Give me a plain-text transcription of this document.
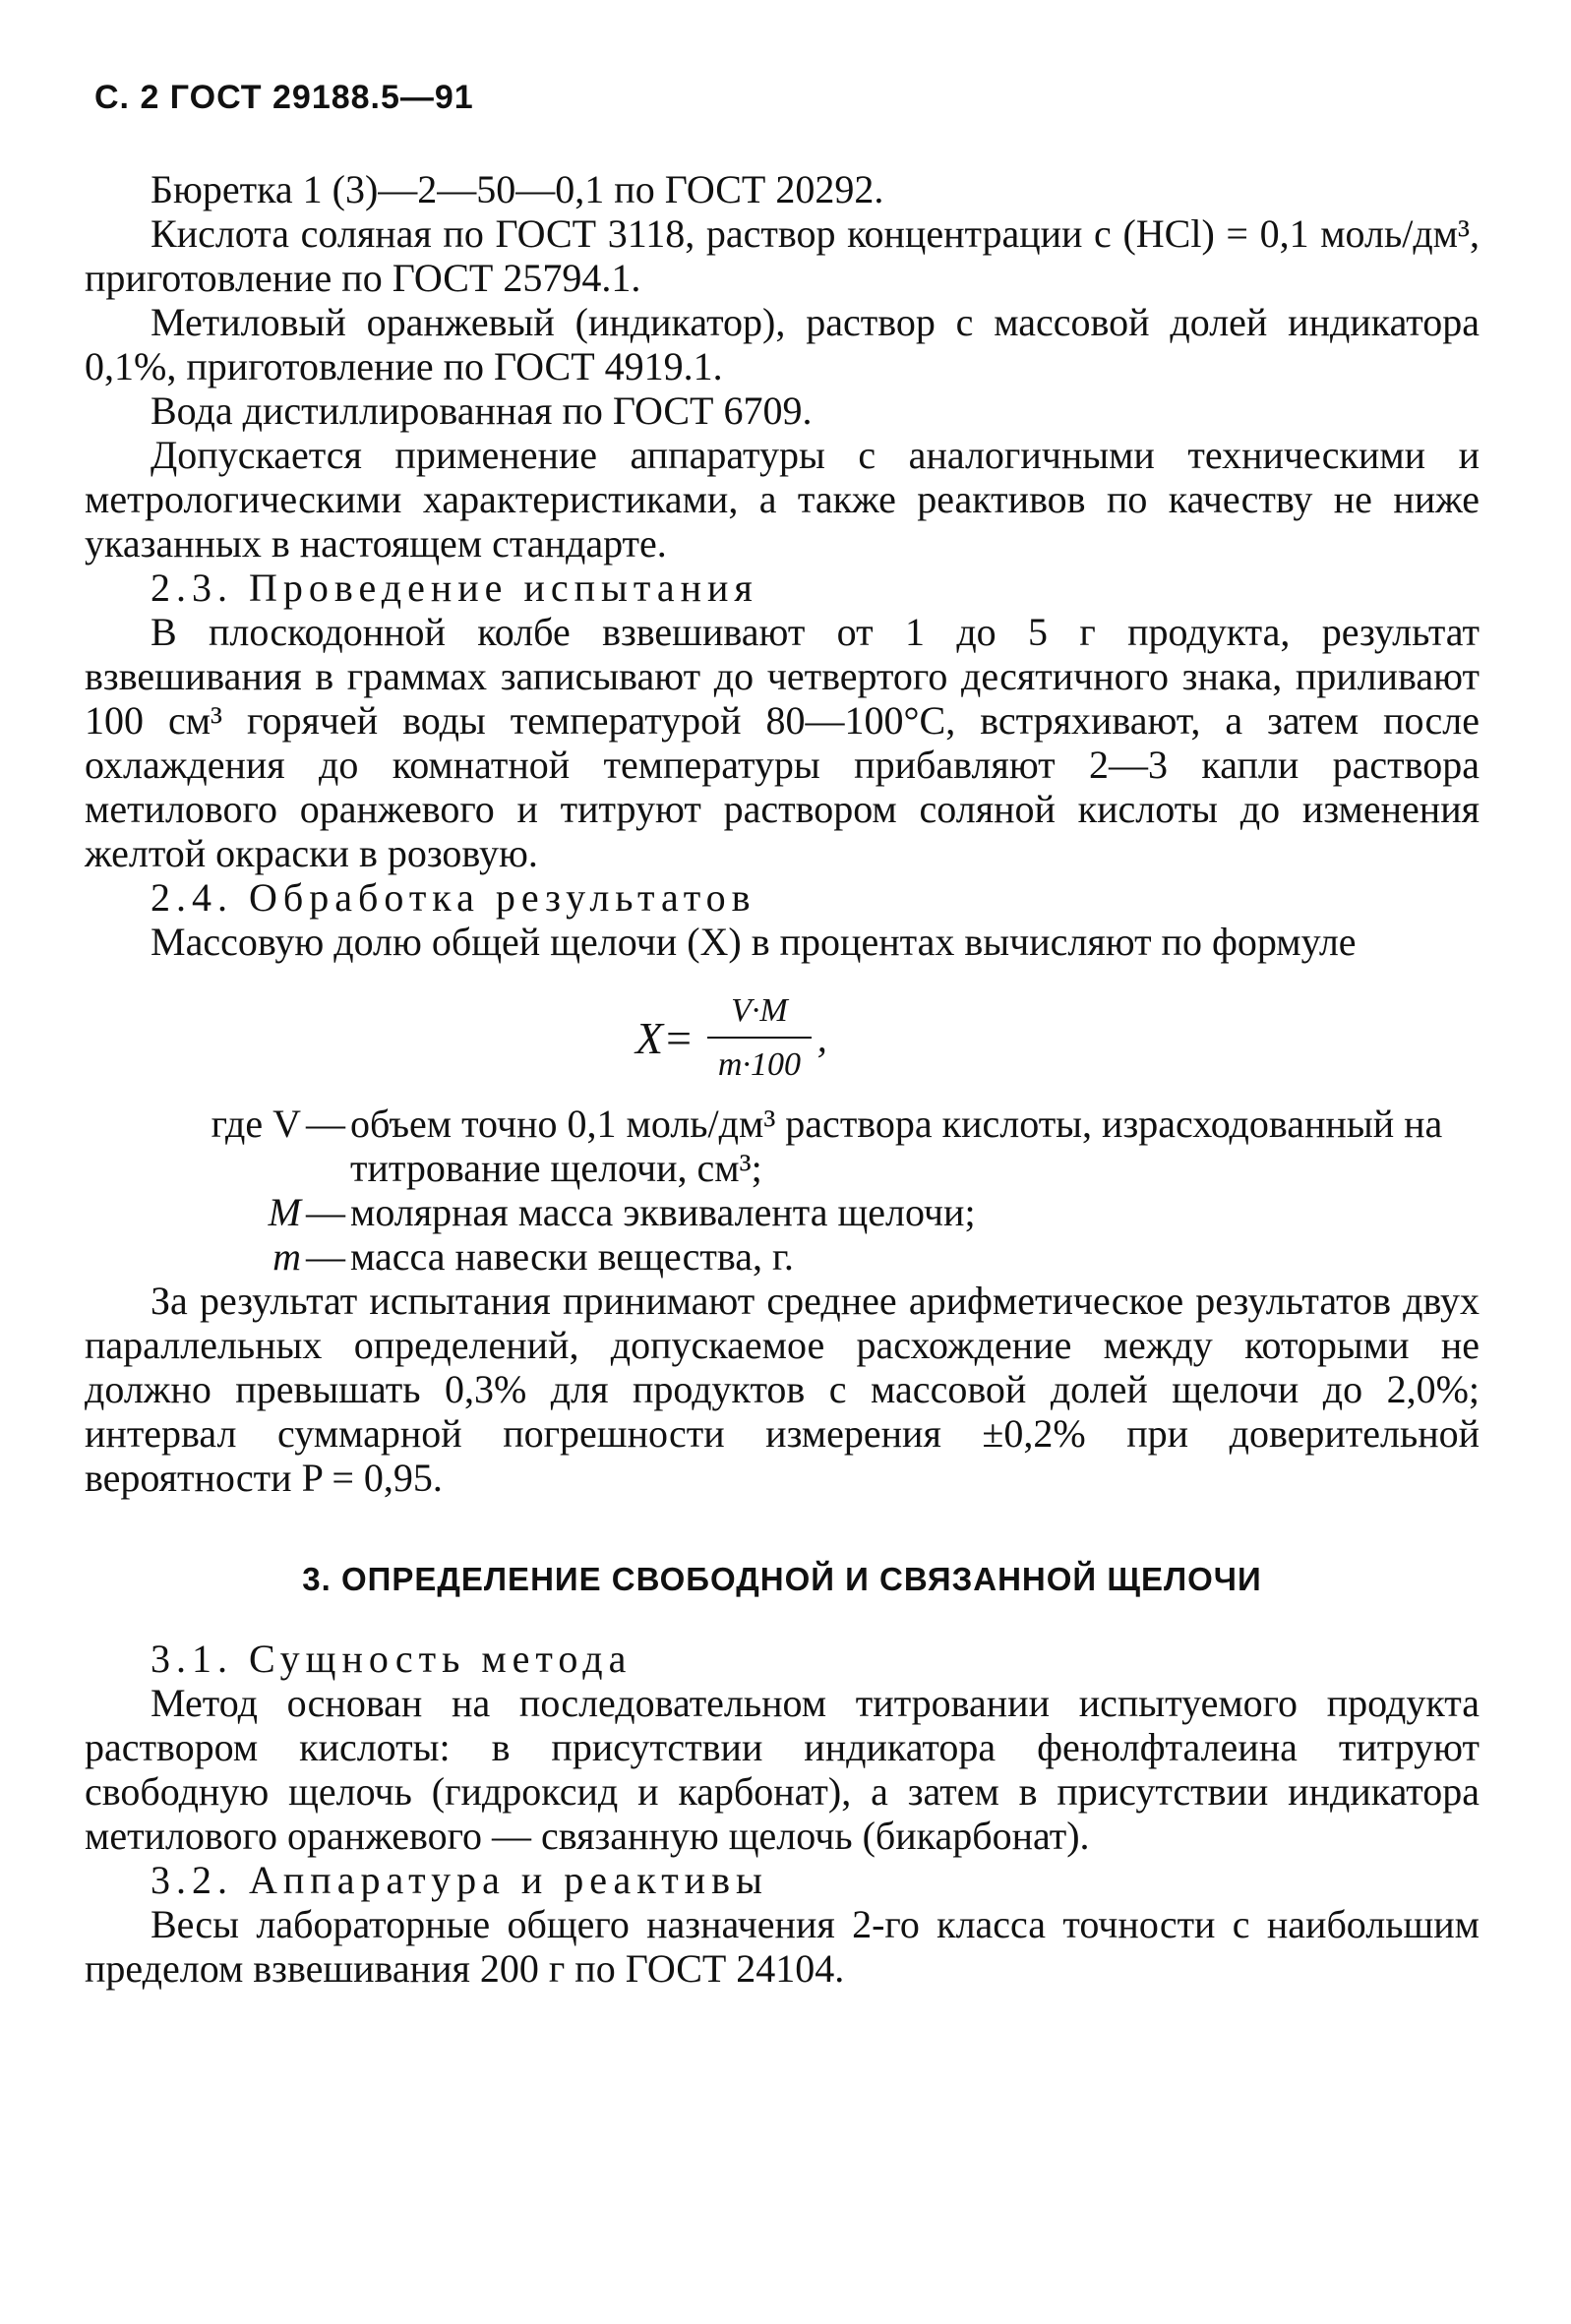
С. 2 ГОСТ 29188.5—91

Бюретка 1 (3)—2—50—0,1 по ГОСТ 20292.

Кислота соляная по ГОСТ 3118, раствор концентрации c (HCl) = 0,1 моль/дм³, приготовление по ГОСТ 25794.1.

Метиловый оранжевый (индикатор), раствор с массовой долей индикатора 0,1%, приготовление по ГОСТ 4919.1.

Вода дистиллированная по ГОСТ 6709.

Допускается применение аппаратуры с аналогичными техническими и метрологическими характеристиками, а также реактивов по качеству не ниже указанных в настоящем стандарте.

2.3. Проведение испытания

В плоскодонной колбе взвешивают от 1 до 5 г продукта, результат взвешивания в граммах записывают до четвертого десятичного знака, приливают 100 см³ горячей воды температурой 80—100°С, встряхивают, а затем после охлаждения до комнатной температуры прибавляют 2—3 капли раствора метилового оранжевого и титруют раствором соляной кислоты до изменения желтой окраски в розовую.

2.4. Обработка результатов

Массовую долю общей щелочи (X) в процентах вычисляют по формуле

$X= \frac{V\cdot M}{m\cdot 100}$ ,
где V — объем точно 0,1 моль/дм³ раствора кислоты, израсходованный на титрование щелочи, см³;
M — молярная масса эквивалента щелочи;
m — масса навески вещества, г.

За результат испытания принимают среднее арифметическое результатов двух параллельных определений, допускаемое расхождение между которыми не должно превышать 0,3% для продуктов с массовой долей щелочи до 2,0%; интервал суммарной погрешности измерения ±0,2% при доверительной вероятности P = 0,95.

3. ОПРЕДЕЛЕНИЕ СВОБОДНОЙ И СВЯЗАННОЙ ЩЕЛОЧИ

3.1. Сущность метода

Метод основан на последовательном титровании испытуемого продукта раствором кислоты: в присутствии индикатора фенолфталеина титруют свободную щелочь (гидроксид и карбонат), а затем в присутствии индикатора метилового оранжевого — связанную щелочь (бикарбонат).

3.2. Аппаратура и реактивы

Весы лабораторные общего назначения 2-го класса точности с наибольшим пределом взвешивания 200 г по ГОСТ 24104.
